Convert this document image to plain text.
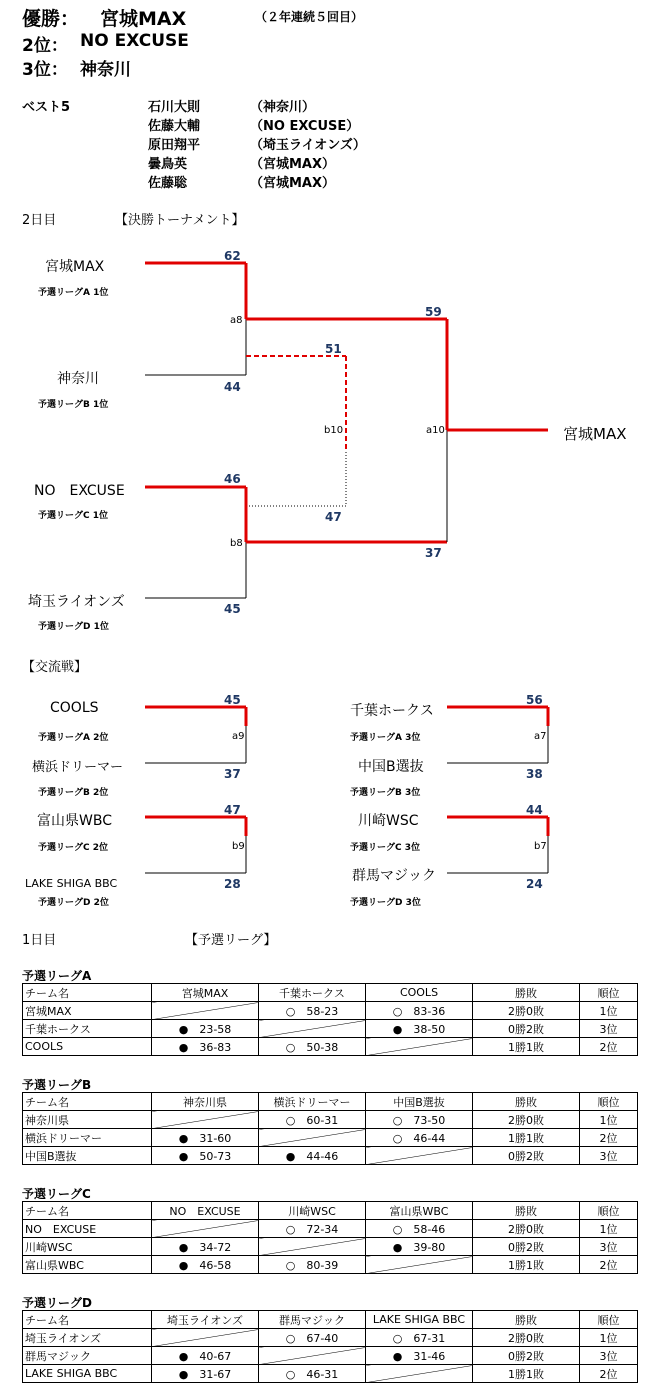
優勝： 宮城MAX	（２年連続５回目）
2位： NO EXCUSE
3位： 神奈川
ベスト5	石川大則	（神奈川）
佐藤大輔	（NO EXCUSE）
原田翔平	（埼玉ライオンズ）
曇鳥英	（宮城MAX）
佐藤聡	（宮城MAX）
2日目	【決勝トーナメント】
宮城MAX
予選リーグA 1位
62
神奈川
予選リーグB 1位
44
NO　EXCUSE
予選リーグC 1位
46
埼玉ライオンズ
予選リーグD 1位
45
a8
b8
b10	a10
59
37
51
47
宮城MAX
【交流戦】
COOLS
予選リーグA 2位
45
a9
横浜ドリーマー
予選リーグB 2位
37
富山県WBC
予選リーグC 2位
47
b9
LAKE SHIGA BBC
予選リーグD 2位
28
千葉ホークス
予選リーグA 3位
56
a7
中国B選抜
予選リーグB 3位
38
川崎WSC
予選リーグC 3位
44
b7
群馬マジック
予選リーグD 3位
24
1日目	【予選リーグ】
予選リーグA
チーム名	宮城MAX	千葉ホークス	COOLS	勝敗	順位
宮城MAX		○　58-23	○　83-36	2勝0敗	1位
千葉ホークス	●　23-58		●　38-50	0勝2敗	3位
COOLS	●　36-83	○　50-38		1勝1敗	2位
予選リーグB
チーム名	神奈川県	横浜ドリーマー	中国B選抜	勝敗	順位
神奈川県		○　60-31	○　73-50	2勝0敗	1位
横浜ドリーマー	●　31-60		○　46-44	1勝1敗	2位
中国B選抜	●　50-73	●　44-46		0勝2敗	3位
予選リーグC
チーム名	NO　EXCUSE	川崎WSC	富山県WBC	勝敗	順位
NO　EXCUSE		○　72-34	○　58-46	2勝0敗	1位
川崎WSC	●　34-72		●　39-80	0勝2敗	3位
富山県WBC	●　46-58	○　80-39		1勝1敗	2位
予選リーグD
チーム名	埼玉ライオンズ	群馬マジック	LAKE SHIGA BBC	勝敗	順位
埼玉ライオンズ		○　67-40	○　67-31	2勝0敗	1位
群馬マジック	●　40-67		●　31-46	0勝2敗	3位
LAKE SHIGA BBC	●　31-67	○　46-31		1勝1敗	2位
